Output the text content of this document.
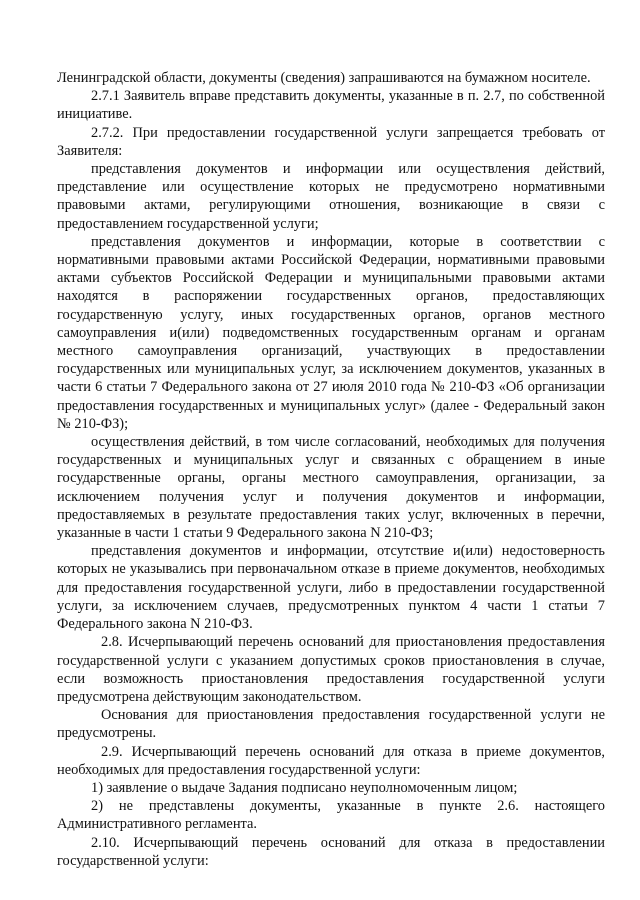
Ленинградской области, документы (сведения) запрашиваются на бумажном носителе.

2.7.1 Заявитель вправе представить документы, указанные в п. 2.7, по собственной инициативе.

2.7.2. При предоставлении государственной услуги запрещается требовать от Заявителя:

представления документов и информации или осуществления действий, представление или осуществление которых не предусмотрено нормативными правовыми актами, регулирующими отношения, возникающие в связи с предоставлением государственной услуги;

представления документов и информации, которые в соответствии с нормативными правовыми актами Российской Федерации, нормативными правовыми актами субъектов Российской Федерации и муниципальными правовыми актами находятся в распоряжении государственных органов, предоставляющих государственную услугу, иных государственных органов, органов местного самоуправления и(или) подведомственных государственным органам и органам местного самоуправления организаций, участвующих в предоставлении государственных или муниципальных услуг, за исключением документов, указанных в части 6 статьи 7 Федерального закона от 27 июля 2010 года № 210-ФЗ «Об организации предоставления государственных и муниципальных услуг» (далее - Федеральный закон № 210-ФЗ);

осуществления действий, в том числе согласований, необходимых для получения государственных и муниципальных услуг и связанных с обращением в иные государственные органы, органы местного самоуправления, организации, за исключением получения услуг и получения документов и информации, предоставляемых в результате предоставления таких услуг, включенных в перечни, указанные в части 1 статьи 9 Федерального закона N 210-ФЗ;

представления документов и информации, отсутствие и(или) недостоверность которых не указывались при первоначальном отказе в приеме документов, необходимых для предоставления государственной услуги, либо в предоставлении государственной услуги, за исключением случаев, предусмотренных пунктом 4 части 1 статьи 7 Федерального закона N 210-ФЗ.

2.8. Исчерпывающий перечень оснований для приостановления предоставления государственной услуги с указанием допустимых сроков приостановления в случае, если возможность приостановления предоставления государственной услуги предусмотрена действующим законодательством.

Основания для приостановления предоставления государственной услуги не предусмотрены.

2.9. Исчерпывающий перечень оснований для отказа в приеме документов, необходимых для предоставления государственной услуги:

1) заявление о выдаче Задания подписано неуполномоченным лицом;

2) не представлены документы, указанные в пункте 2.6. настоящего Административного регламента.

2.10. Исчерпывающий перечень оснований для отказа в предоставлении государственной услуги:
